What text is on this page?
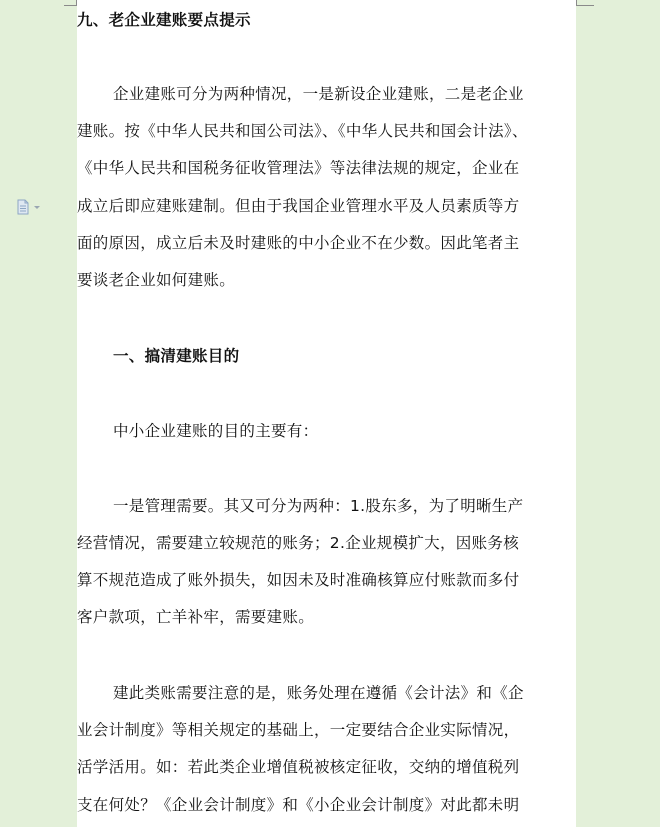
九、老企业建账要点提示
企业建账可分为两种情况，一是新设企业建账，二是老企业
建账。按《中华人民共和国公司法》、《中华人民共和国会计法》、
《中华人民共和国税务征收管理法》等法律法规的规定，企业在
成立后即应建账建制。但由于我国企业管理水平及人员素质等方
面的原因，成立后未及时建账的中小企业不在少数。因此笔者主
要谈老企业如何建账。
一、搞清建账目的
中小企业建账的目的主要有：
一是管理需要。其又可分为两种：1.股东多，为了明晰生产
经营情况，需要建立较规范的账务；2.企业规模扩大，因账务核
算不规范造成了账外损失，如因未及时准确核算应付账款而多付
客户款项，亡羊补牢，需要建账。
建此类账需要注意的是，账务处理在遵循《会计法》和《企
业会计制度》等相关规定的基础上，一定要结合企业实际情况，
活学活用。如：若此类企业增值税被核定征收，交纳的增值税列
支在何处？《企业会计制度》和《小企业会计制度》对此都未明
